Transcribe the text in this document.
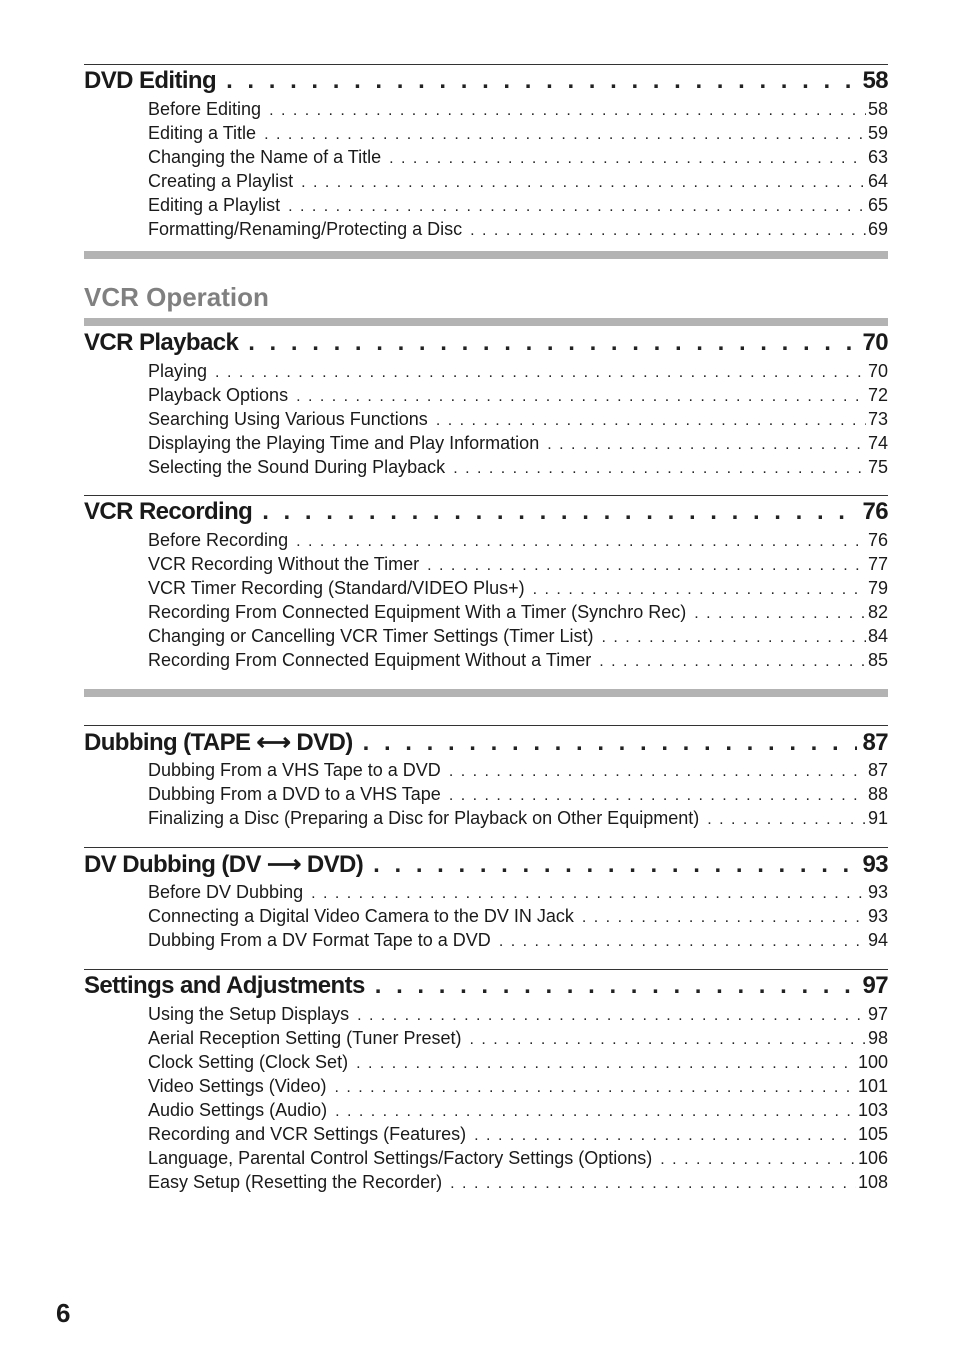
DVD Editing . . .	58
Before Editing . . .	58
Editing a Title . . .	59
Changing the Name of a Title . . .	63
Creating a Playlist . . .	64
Editing a Playlist . . .	65
Formatting/Renaming/Protecting a Disc . . .	69
VCR Operation
VCR Playback . . .	70
Playing . . .	70
Playback Options . . .	72
Searching Using Various Functions . . .	73
Displaying the Playing Time and Play Information . . .	74
Selecting the Sound During Playback . . .	75
VCR Recording . . .	76
Before Recording . . .	76
VCR Recording Without the Timer . . .	77
VCR Timer Recording (Standard/VIDEO Plus+) . . .	79
Recording From Connected Equipment With a Timer (Synchro Rec) . . .	82
Changing or Cancelling VCR Timer Settings (Timer List) . . .	84
Recording From Connected Equipment Without a Timer . . .	85
Dubbing (TAPE ⟷ DVD) . . .	87
Dubbing From a VHS Tape to a DVD . . .	87
Dubbing From a DVD to a VHS Tape . . .	88
Finalizing a Disc (Preparing a Disc for Playback on Other Equipment) . . .	91
DV Dubbing (DV ⟶ DVD) . . .	93
Before DV Dubbing . . .	93
Connecting a Digital Video Camera to the DV IN Jack . . .	93
Dubbing From a DV Format Tape to a DVD . . .	94
Settings and Adjustments . . .	97
Using the Setup Displays . . .	97
Aerial Reception Setting (Tuner Preset) . . .	98
Clock Setting (Clock Set) . . .	100
Video Settings (Video) . . .	101
Audio Settings (Audio) . . .	103
Recording and VCR Settings (Features) . . .	105
Language, Parental Control Settings/Factory Settings (Options) . . .	106
Easy Setup (Resetting the Recorder) . . .	108
6
